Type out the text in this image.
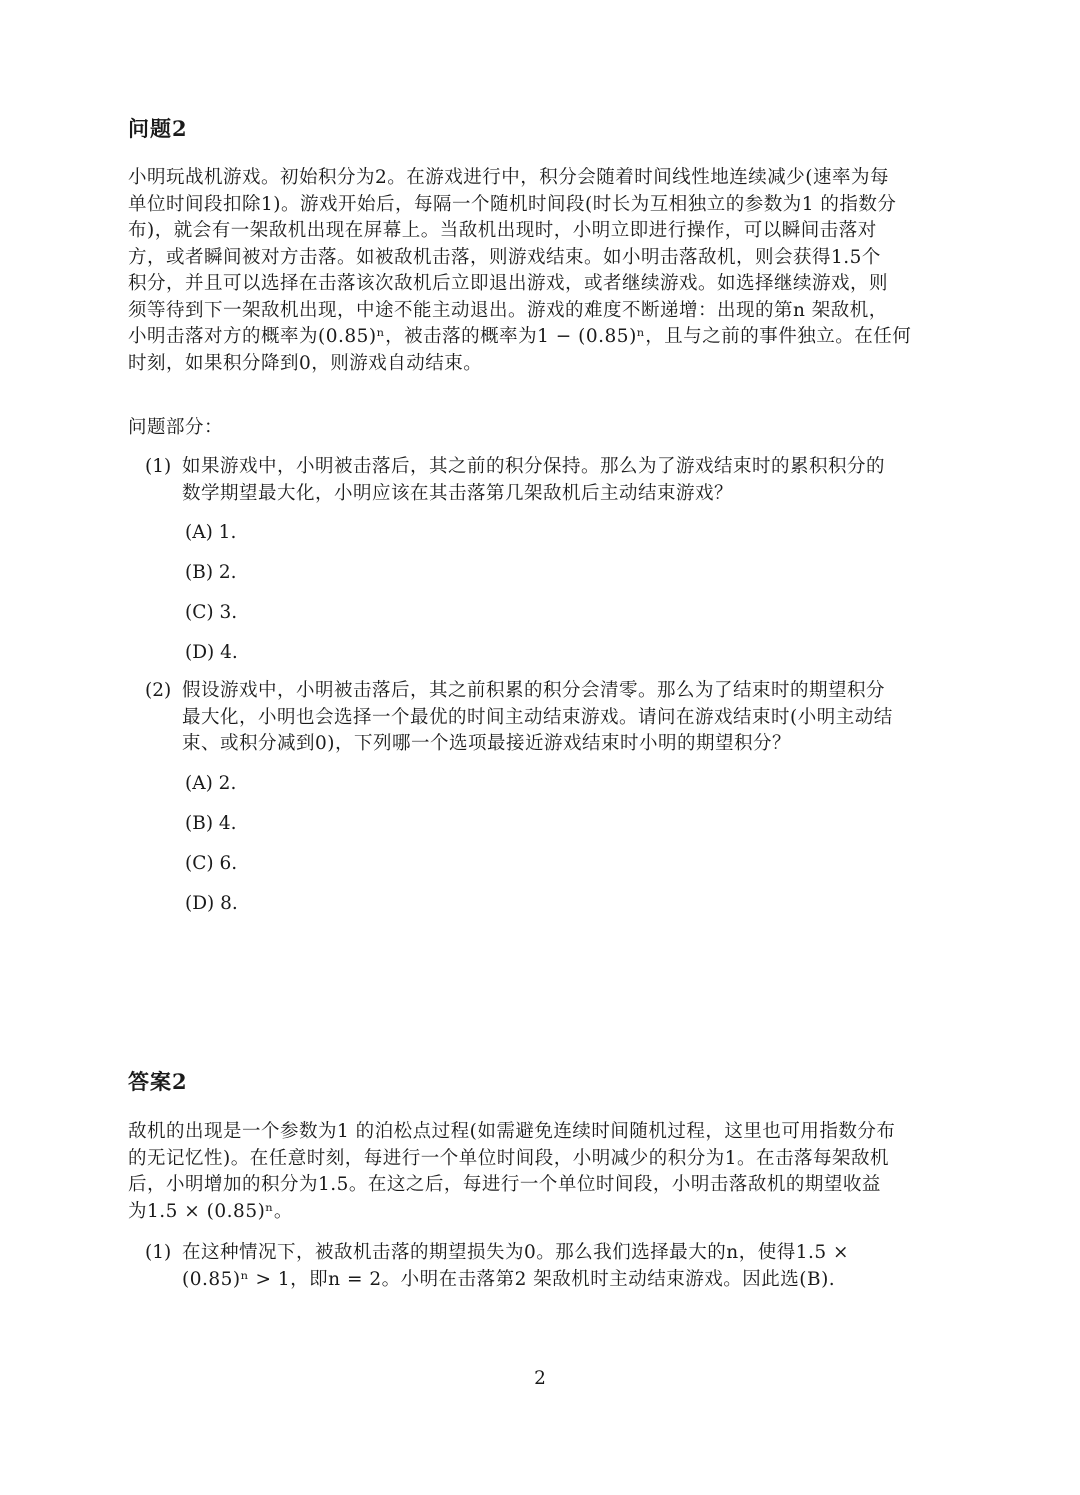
问题2
小明玩战机游戏。初始积分为2。在游戏进行中，积分会随着时间线性地连续减少(速率为每
单位时间段扣除1)。游戏开始后，每隔一个随机时间段(时长为互相独立的参数为1 的指数分
布)，就会有一架敌机出现在屏幕上。当敌机出现时，小明立即进行操作，可以瞬间击落对
方，或者瞬间被对方击落。如被敌机击落，则游戏结束。如小明击落敌机，则会获得1.5个
积分，并且可以选择在击落该次敌机后立即退出游戏，或者继续游戏。如选择继续游戏，则
须等待到下一架敌机出现，中途不能主动退出。游戏的难度不断递增：出现的第n 架敌机，
小明击落对方的概率为(0.85)ⁿ，被击落的概率为1 − (0.85)ⁿ，且与之前的事件独立。在任何
时刻，如果积分降到0，则游戏自动结束。
问题部分：
(1) 如果游戏中，小明被击落后，其之前的积分保持。那么为了游戏结束时的累积积分的
数学期望最大化，小明应该在其击落第几架敌机后主动结束游戏？
(A) 1.
(B) 2.
(C) 3.
(D) 4.
(2) 假设游戏中，小明被击落后，其之前积累的积分会清零。那么为了结束时的期望积分
最大化，小明也会选择一个最优的时间主动结束游戏。请问在游戏结束时(小明主动结
束、或积分减到0)，下列哪一个选项最接近游戏结束时小明的期望积分？
(A) 2.
(B) 4.
(C) 6.
(D) 8.
答案2
敌机的出现是一个参数为1 的泊松点过程(如需避免连续时间随机过程，这里也可用指数分布
的无记忆性)。在任意时刻，每进行一个单位时间段，小明减少的积分为1。在击落每架敌机
后，小明增加的积分为1.5。在这之后，每进行一个单位时间段，小明击落敌机的期望收益
为1.5 × (0.85)ⁿ。
(1) 在这种情况下，被敌机击落的期望损失为0。那么我们选择最大的n，使得1.5 ×
(0.85)ⁿ > 1，即n = 2。小明在击落第2 架敌机时主动结束游戏。因此选(B).
2
